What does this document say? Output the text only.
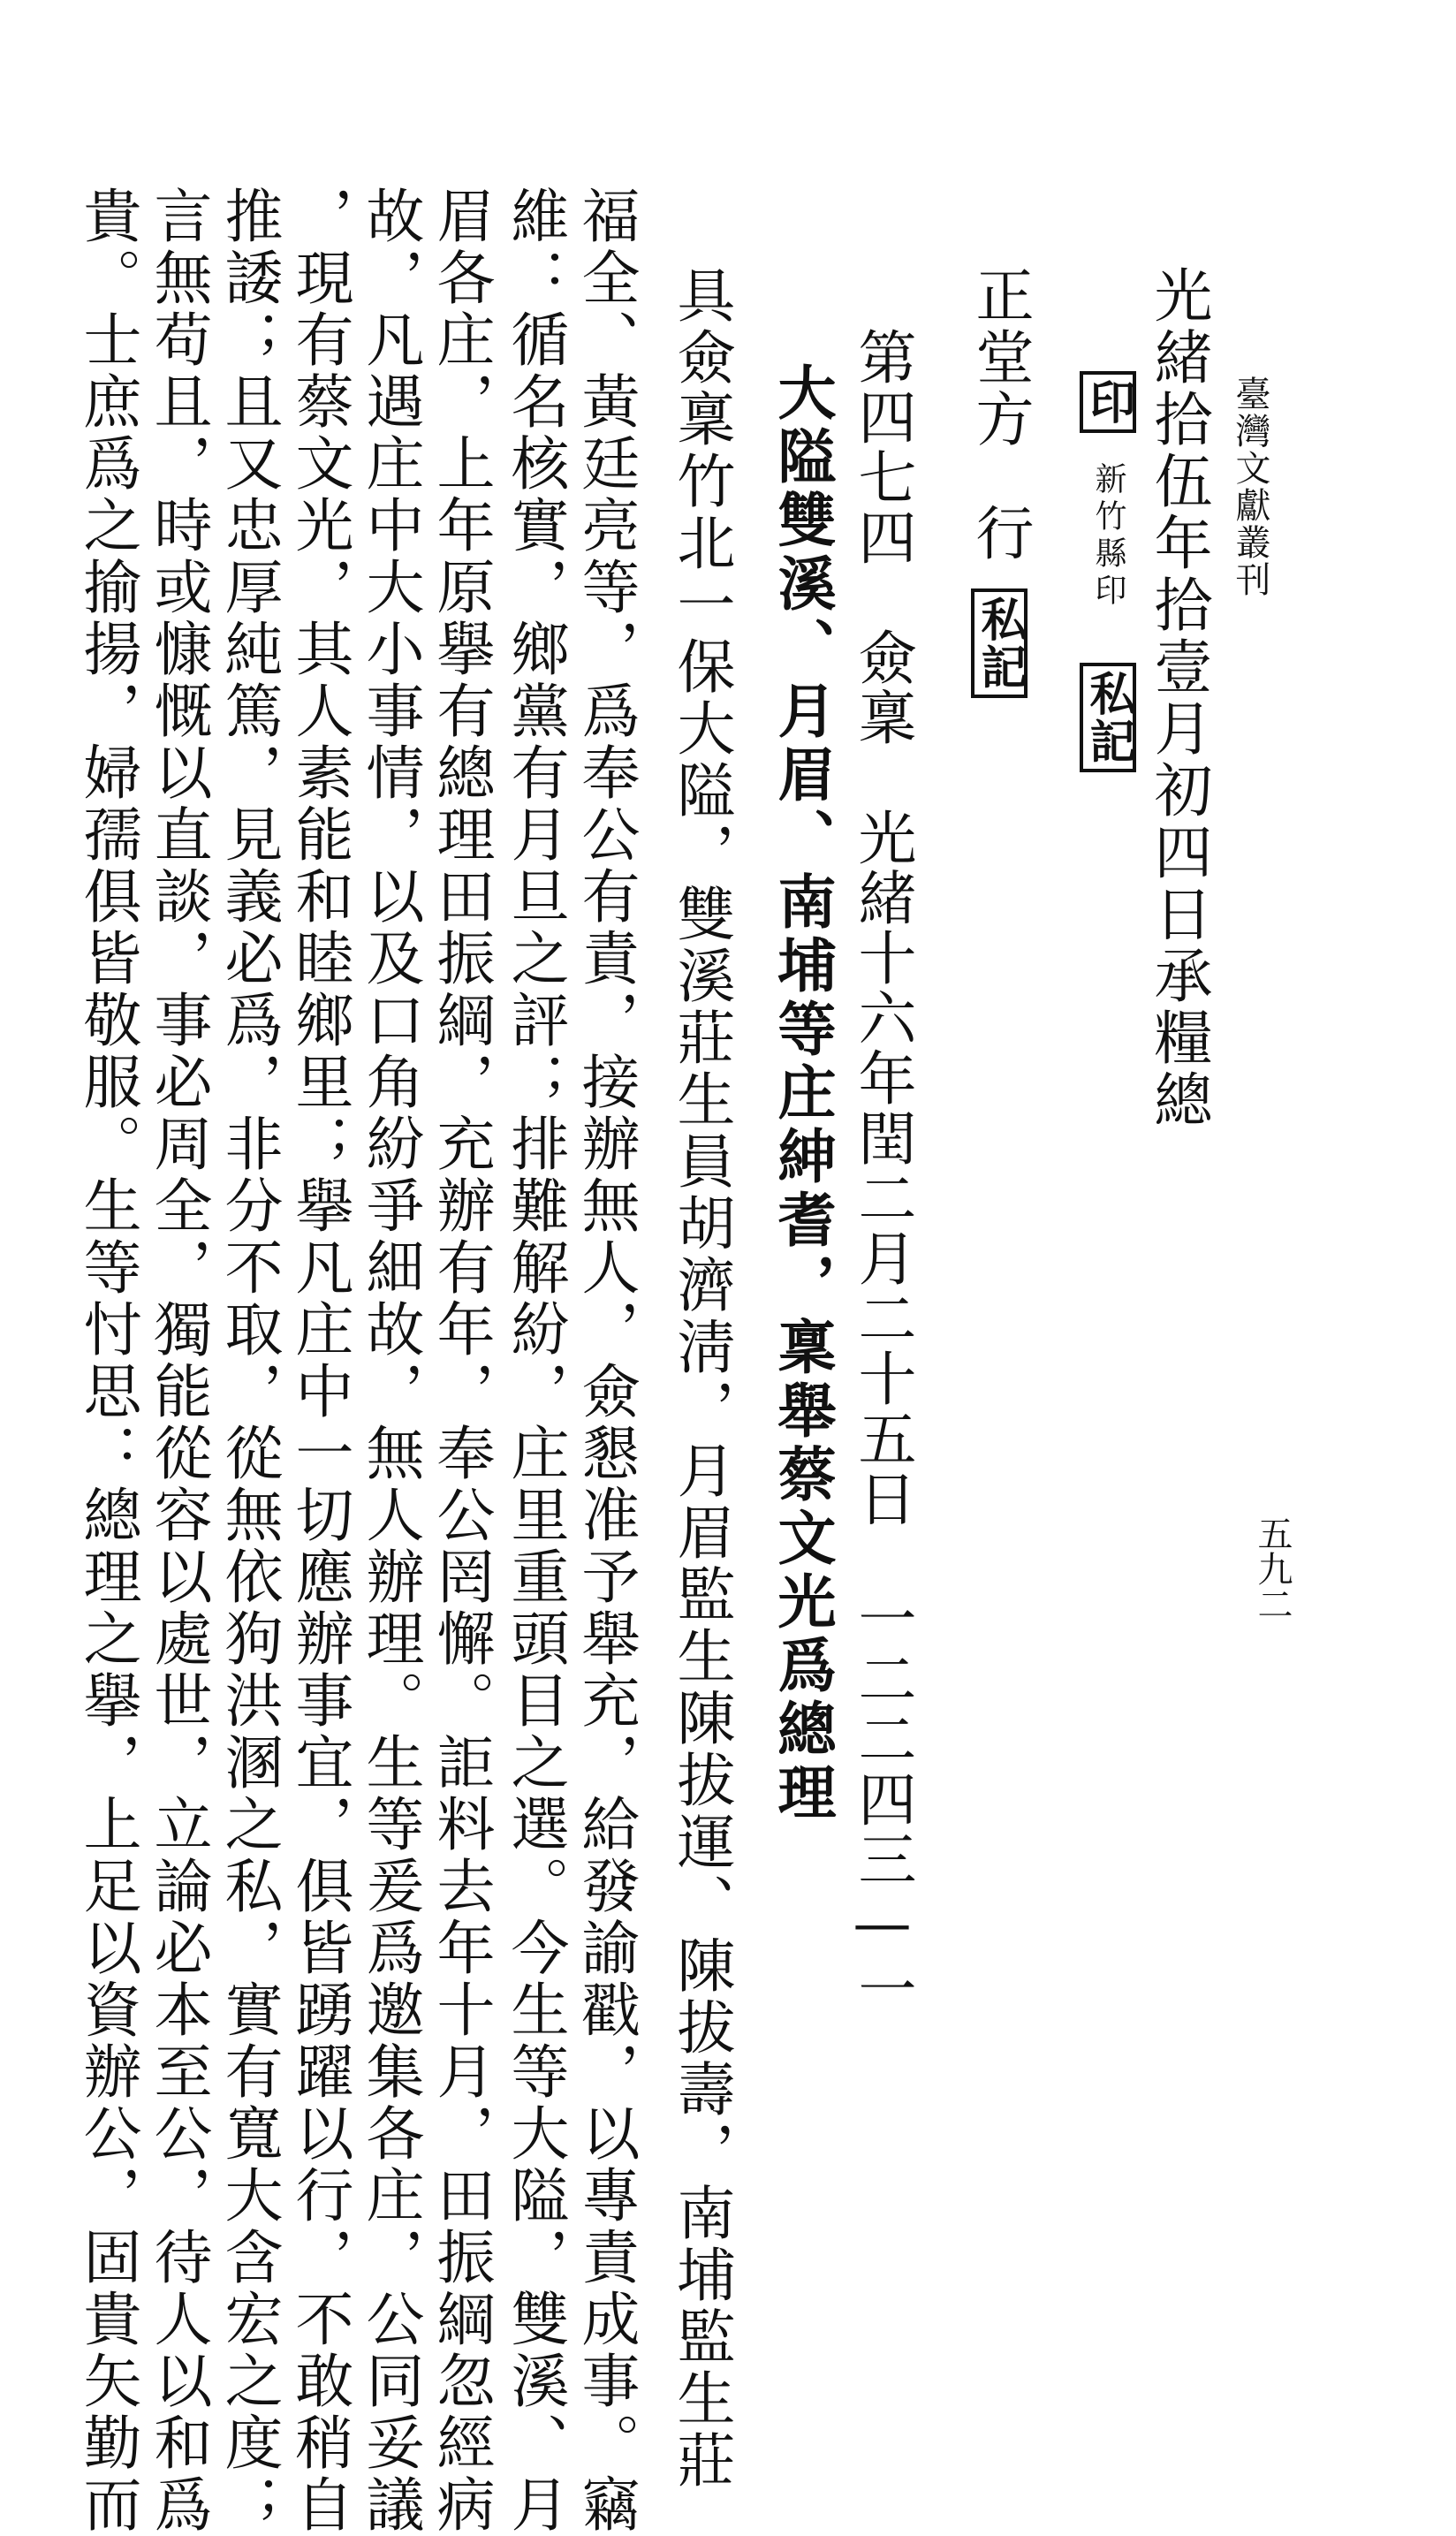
臺灣文獻叢刊
五九二
光緒拾伍年拾壹月初四日承糧總
印 新竹縣印 私記
正堂方 行 私記
第四七四　僉稟　光緒十六年閏二月二十五日　一二二四三—一
大隘雙溪、月眉、南埔等庄紳耆，稟舉蔡文光爲總理
具僉稟竹北一保大隘，雙溪莊生員胡濟淸，月眉監生陳拔運、陳拔壽，南埔監生莊
福全、黃廷亮等，爲奉公有責，接辦無人，僉懇准予舉充，給發諭戳，以專責成事。竊
維：循名核實，鄉黨有月旦之評；排難解紛，庄里重頭目之選。今生等大隘，雙溪、月
眉各庄，上年原擧有總理田振綱，充辦有年，奉公罔懈。詎料去年十月，田振綱忽經病
故，凡遇庄中大小事情，以及口角紛爭細故，無人辦理。生等爰爲邀集各庄，公同妥議
，現有蔡文光，其人素能和睦鄉里；擧凡庄中一切應辦事宜，俱皆踴躍以行，不敢稍自
推諉；且又忠厚純篤，見義必爲，非分不取，從無依狗洪溷之私，實有寬大含宏之度；
言無苟且，時或慷慨以直談，事必周全，獨能從容以處世，立論必本至公，待人以和爲
貴。士庶爲之揄揚，婦孺俱皆敬服。生等忖思：總理之擧，上足以資辦公，固貴矢勤而
